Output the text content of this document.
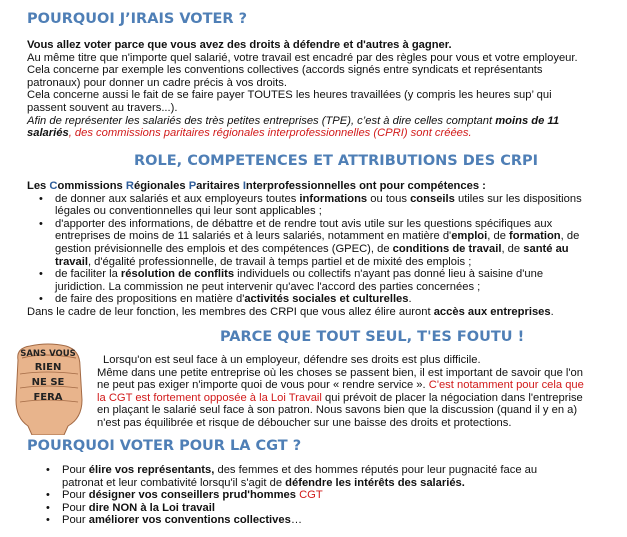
POURQUOI J’IRAIS VOTER ?

Vous allez voter parce que vous avez des droits à défendre et d'autres à gagner.

Au même titre que n'importe quel salarié, votre travail est encadré par des règles pour vous et votre employeur.

Cela concerne par exemple les conventions collectives (accords signés entre syndicats et représentants

patronaux) pour donner un cadre précis à vos droits.

Cela concerne aussi le fait de se faire payer TOUTES les heures travaillées (y compris les heures sup’ qui

passent souvent au travers...).

Afin de représenter les salariés des très petites entreprises (TPE), c’est à dire celles comptant moins de 11

salariés, des commissions paritaires régionales interprofessionnelles (CPRI) sont créées.

ROLE, COMPETENCES ET ATTRIBUTIONS DES CRPI

Les Commissions Régionales Paritaires Interprofessionnelles ont pour compétences :

• de donner aux salariés et aux employeurs toutes informations ou tous conseils utiles sur les dispositions
légales ou conventionnelles qui leur sont applicables ;
• d'apporter des informations, de débattre et de rendre tout avis utile sur les questions spécifiques aux
entreprises de moins de 11 salariés et à leurs salariés, notamment en matière d'emploi, de formation, de
gestion prévisionnelle des emplois et des compétences (GPEC), de conditions de travail, de santé au
travail, d'égalité professionnelle, de travail à temps partiel et de mixité des emplois ;
• de faciliter la résolution de conflits individuels ou collectifs n'ayant pas donné lieu à saisine d'une
juridiction. La commission ne peut intervenir qu'avec l'accord des parties concernées ;
• de faire des propositions en matière d'activités sociales et culturelles.

Dans le cadre de leur fonction, les membres des CRPI que vous allez élire auront accès aux entreprises.

PARCE QUE TOUT SEUL, T'ES FOUTU !
SANS VOUS
RIEN
NE SE
FERA

Lorsqu'on est seul face à un employeur, défendre ses droits est plus difficile.

Même dans une petite entreprise où les choses se passent bien, il est important de savoir que l'on

ne peut pas exiger n'importe quoi de vous pour « rendre service ». C'est notamment pour cela que

la CGT est fortement opposée à la Loi Travail qui prévoit de placer la négociation dans l'entreprise

en plaçant le salarié seul face à son patron. Nous savons bien que la discussion (quand il y en a)

n'est pas équilibrée et risque de déboucher sur une baisse des droits et protections.

POURQUOI VOTER POUR LA CGT ?
• Pour élire vos représentants, des femmes et des hommes réputés pour leur pugnacité face au
patronat et leur combativité lorsqu'il s'agit de défendre les intérêts des salariés.
• Pour désigner vos conseillers prud'hommes CGT
• Pour dire NON à la Loi travail
• Pour améliorer vos conventions collectives…
